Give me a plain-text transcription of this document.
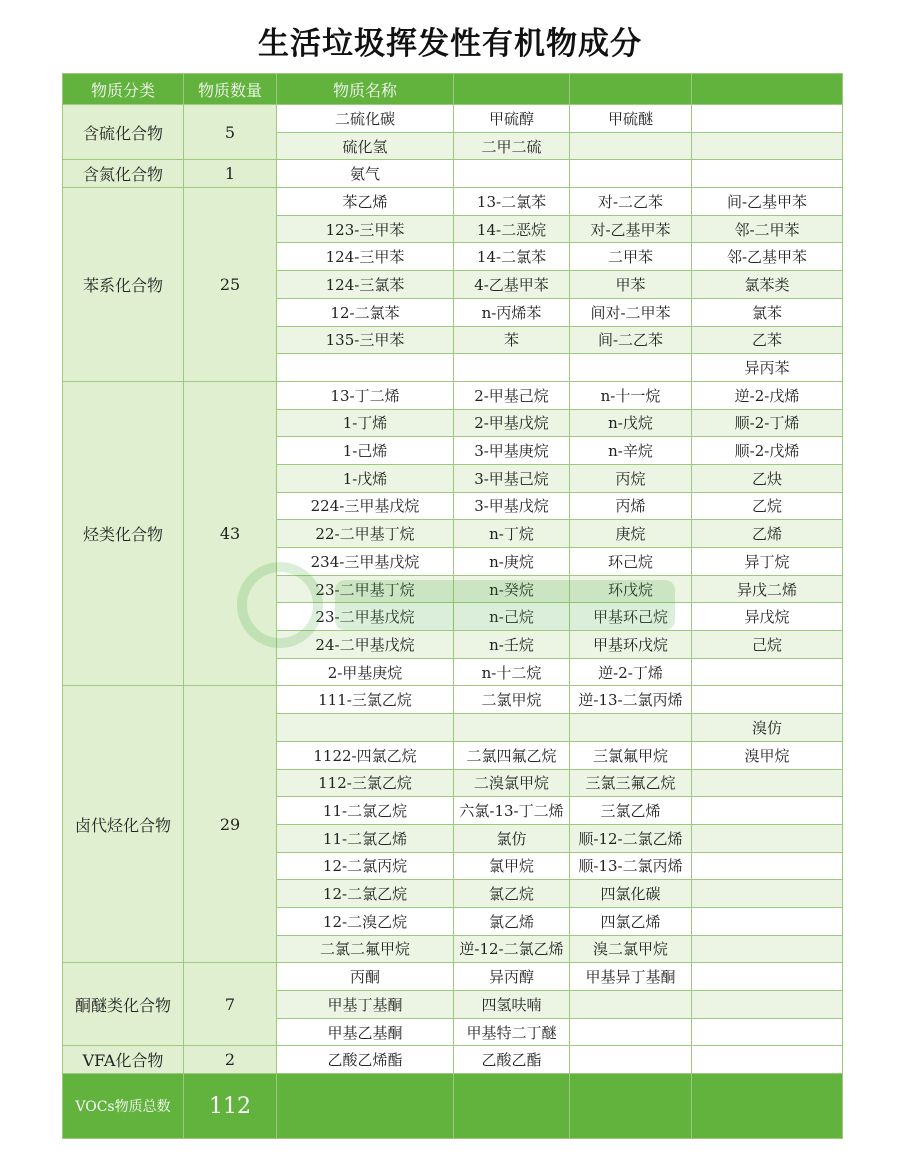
生活垃圾挥发性有机物成分
物质分类	物质数量	物质名称			
含硫化合物	5	二硫化碳	甲硫醇	甲硫醚	
		硫化氢	二甲二硫		
含氮化合物	1	氨气			
苯系化合物	25	苯乙烯	13-二氯苯	对-二乙苯	间-乙基甲苯
		123-三甲苯	14-二恶烷	对-乙基甲苯	邻-二甲苯
		124-三甲苯	14-二氯苯	二甲苯	邻-乙基甲苯
		124-三氯苯	4-乙基甲苯	甲苯	氯苯类
		12-二氯苯	n-丙烯苯	间对-二甲苯	氯苯
		135-三甲苯	苯	间-二乙苯	乙苯
					异丙苯
烃类化合物	43	13-丁二烯	2-甲基己烷	n-十一烷	逆-2-戊烯
		1-丁烯	2-甲基戊烷	n-戊烷	顺-2-丁烯
		1-己烯	3-甲基庚烷	n-辛烷	顺-2-戊烯
		1-戊烯	3-甲基己烷	丙烷	乙炔
		224-三甲基戊烷	3-甲基戊烷	丙烯	乙烷
		22-二甲基丁烷	n-丁烷	庚烷	乙烯
		234-三甲基戊烷	n-庚烷	环己烷	异丁烷
		23-二甲基丁烷	n-癸烷	环戊烷	异戊二烯
		23-二甲基戊烷	n-己烷	甲基环己烷	异戊烷
		24-二甲基戊烷	n-壬烷	甲基环戊烷	己烷
		2-甲基庚烷	n-十二烷	逆-2-丁烯	
卤代烃化合物	29	111-三氯乙烷	二氯甲烷	逆-13-二氯丙烯	
					溴仿
		1122-四氯乙烷	二氯四氟乙烷	三氯氟甲烷	溴甲烷
		112-三氯乙烷	二溴氯甲烷	三氯三氟乙烷	
		11-二氯乙烷	六氯-13-丁二烯	三氯乙烯	
		11-二氯乙烯	氯仿	顺-12-二氯乙烯	
		12-二氯丙烷	氯甲烷	顺-13-二氯丙烯	
		12-二氯乙烷	氯乙烷	四氯化碳	
		12-二溴乙烷	氯乙烯	四氯乙烯	
		二氯二氟甲烷	逆-12-二氯乙烯	溴二氯甲烷	
酮醚类化合物	7	丙酮	异丙醇	甲基异丁基酮	
		甲基丁基酮	四氢呋喃		
		甲基乙基酮	甲基特二丁醚		
VFA化合物	2	乙酸乙烯酯	乙酸乙酯		
VOCs物质总数	112				
